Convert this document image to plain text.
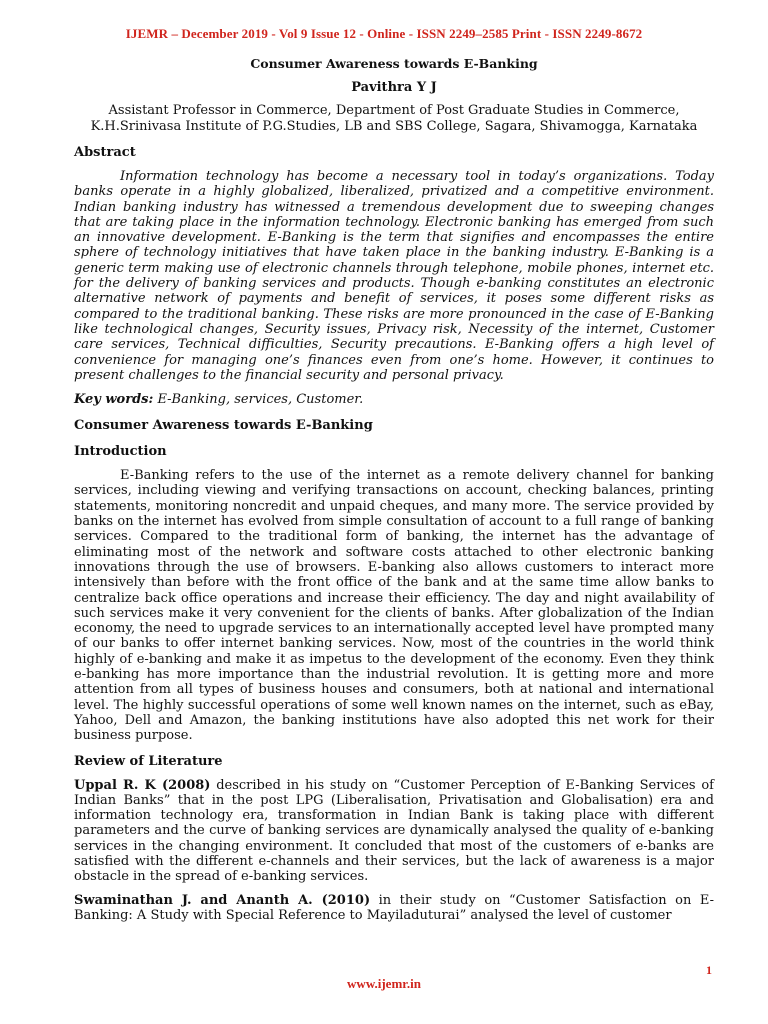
IJEMR – December 2019 - Vol 9 Issue 12 - Online - ISSN 2249–2585 Print - ISSN 2249-8672
Consumer Awareness towards E-Banking
Pavithra Y J
Assistant Professor in Commerce, Department of Post Graduate Studies in Commerce, K.H.Srinivasa Institute of P.G.Studies, LB and SBS College, Sagara, Shivamogga, Karnataka
Abstract
Information technology has become a necessary tool in today’s organizations. Today banks operate in a highly globalized, liberalized, privatized and a competitive environment. Indian banking industry has witnessed a tremendous development due to sweeping changes that are taking place in the information technology. Electronic banking has emerged from such an innovative development. E-Banking is the term that signifies and encompasses the entire sphere of technology initiatives that have taken place in the banking industry. E-Banking is a generic term making use of electronic channels through telephone, mobile phones, internet etc. for the delivery of banking services and products. Though e-banking constitutes an electronic alternative network of payments and benefit of services, it poses some different risks as compared to the traditional banking. These risks are more pronounced in the case of E-Banking like technological changes, Security issues, Privacy risk, Necessity of the internet, Customer care services, Technical difficulties, Security precautions. E-Banking offers a high level of convenience for managing one’s finances even from one’s home. However, it continues to present challenges to the financial security and personal privacy.
Key words: E-Banking, services, Customer.
Consumer Awareness towards E-Banking
Introduction
E-Banking refers to the use of the internet as a remote delivery channel for banking services, including viewing and verifying transactions on account, checking balances, printing statements, monitoring noncredit and unpaid cheques, and many more. The service provided by banks on the internet has evolved from simple consultation of account to a full range of banking services. Compared to the traditional form of banking, the internet has the advantage of eliminating most of the network and software costs attached to other electronic banking innovations through the use of browsers. E-banking also allows customers to interact more intensively than before with the front office of the bank and at the same time allow banks to centralize back office operations and increase their efficiency. The day and night availability of such services make it very convenient for the clients of banks. After globalization of the Indian economy, the need to upgrade services to an internationally accepted level have prompted many of our banks to offer internet banking services. Now, most of the countries in the world think highly of e-banking and make it as impetus to the development of the economy. Even they think e-banking has more importance than the industrial revolution. It is getting more and more attention from all types of business houses and consumers, both at national and international level. The highly successful operations of some well known names on the internet, such as eBay, Yahoo, Dell and Amazon, the banking institutions have also adopted this net work for their business purpose.
Review of Literature
Uppal R. K (2008) described in his study on “Customer Perception of E-Banking Services of Indian Banks” that in the post LPG (Liberalisation, Privatisation and Globalisation) era and information technology era, transformation in Indian Bank is taking place with different parameters and the curve of banking services are dynamically analysed the quality of e-banking services in the changing environment. It concluded that most of the customers of e-banks are satisfied with the different e-channels and their services, but the lack of awareness is a major obstacle in the spread of e-banking services.
Swaminathan J. and Ananth A. (2010) in their study on “Customer Satisfaction on E-Banking: A Study with Special Reference to Mayiladuturai” analysed the level of customer
1
www.ijemr.in
